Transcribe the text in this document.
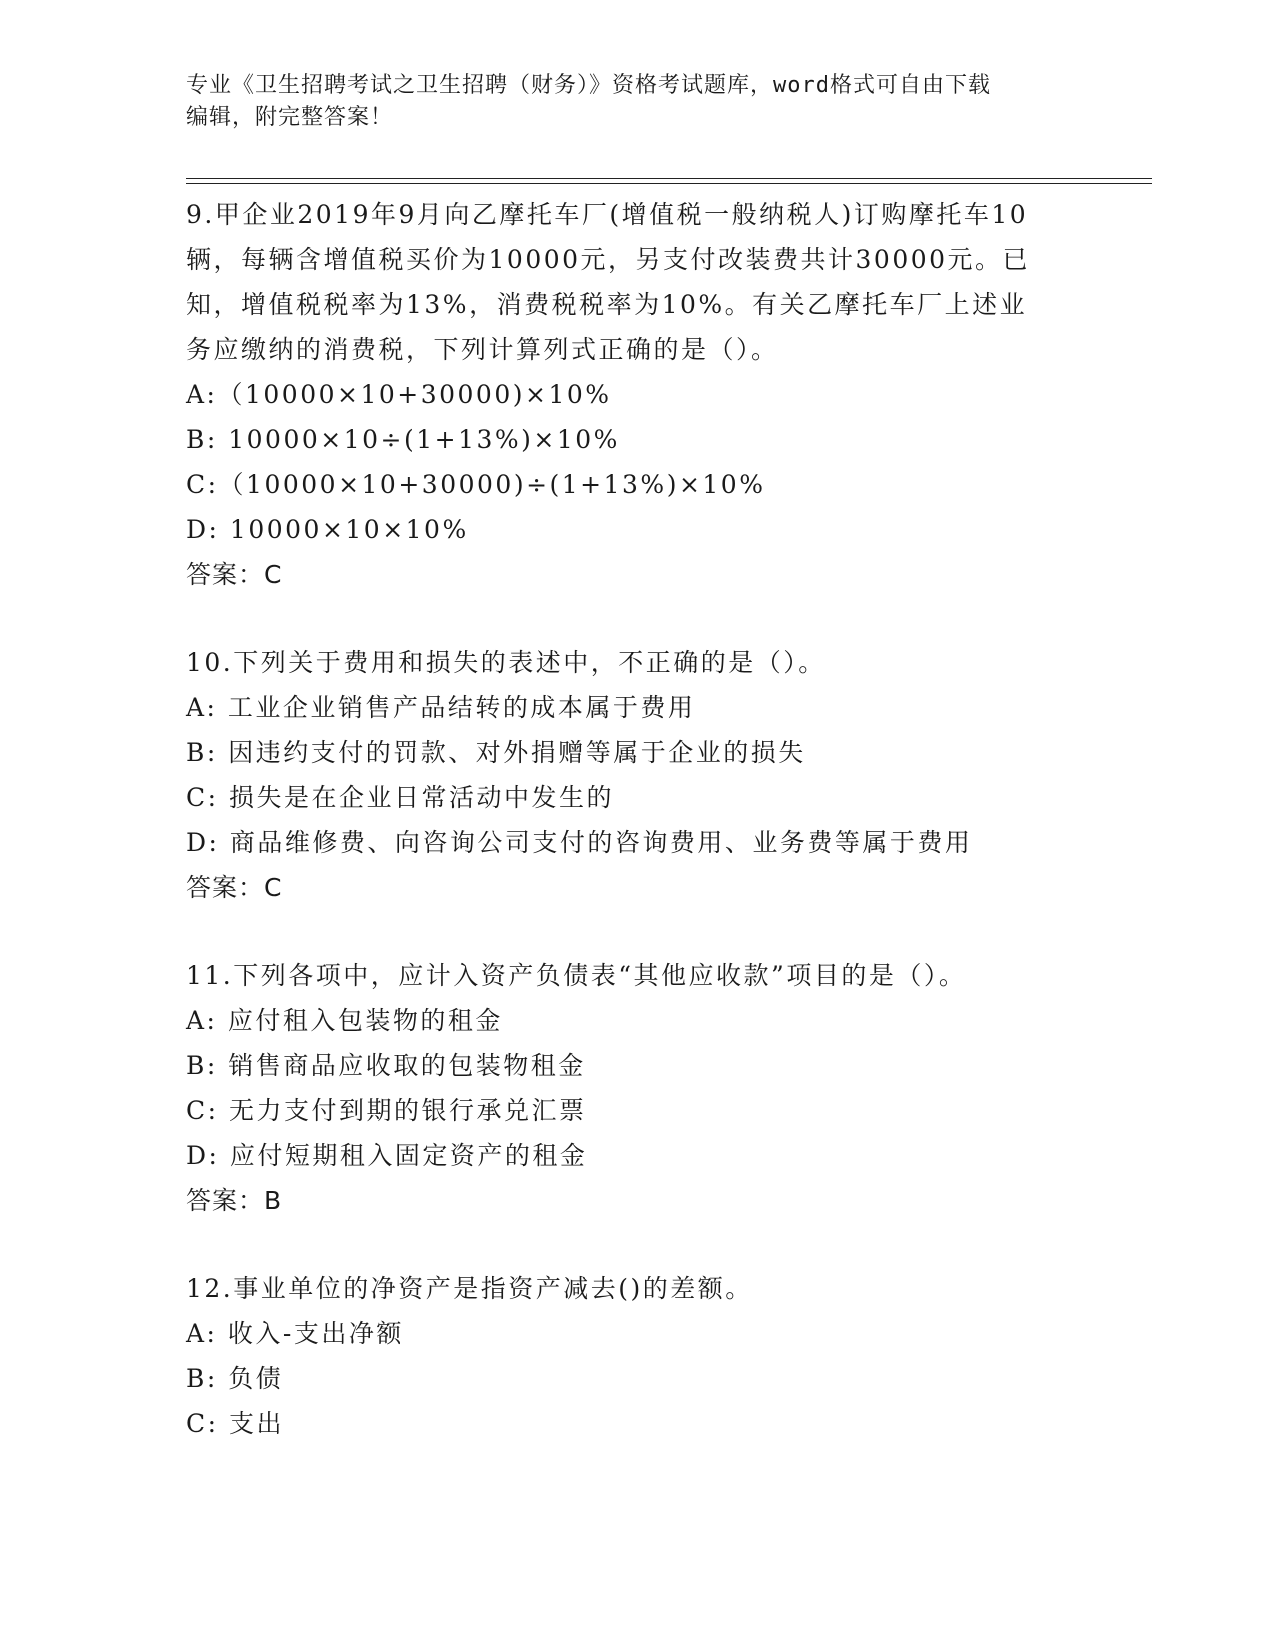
专业《卫生招聘考试之卫生招聘（财务）》资格考试题库，word格式可自由下载
编辑，附完整答案！

9.甲企业2019年9月向乙摩托车厂(增值税一般纳税人)订购摩托车10

辆，每辆含增值税买价为10000元，另支付改装费共计30000元。已

知，增值税税率为13%，消费税税率为10%。有关乙摩托车厂上述业

务应缴纳的消费税，下列计算列式正确的是（）。

A:（10000×10+30000)×10%

B: 10000×10÷(1+13%)×10%

C:（10000×10+30000)÷(1+13%)×10%

D: 10000×10×10%

答案：C

10.下列关于费用和损失的表述中，不正确的是（）。

A: 工业企业销售产品结转的成本属于费用

B: 因违约支付的罚款、对外捐赠等属于企业的损失

C: 损失是在企业日常活动中发生的

D: 商品维修费、向咨询公司支付的咨询费用、业务费等属于费用

答案：C

11.下列各项中，应计入资产负债表“其他应收款”项目的是（）。

A: 应付租入包装物的租金

B: 销售商品应收取的包装物租金

C: 无力支付到期的银行承兑汇票

D: 应付短期租入固定资产的租金

答案：B

12.事业单位的净资产是指资产减去()的差额。

A: 收入-支出净额

B: 负债

C: 支出
